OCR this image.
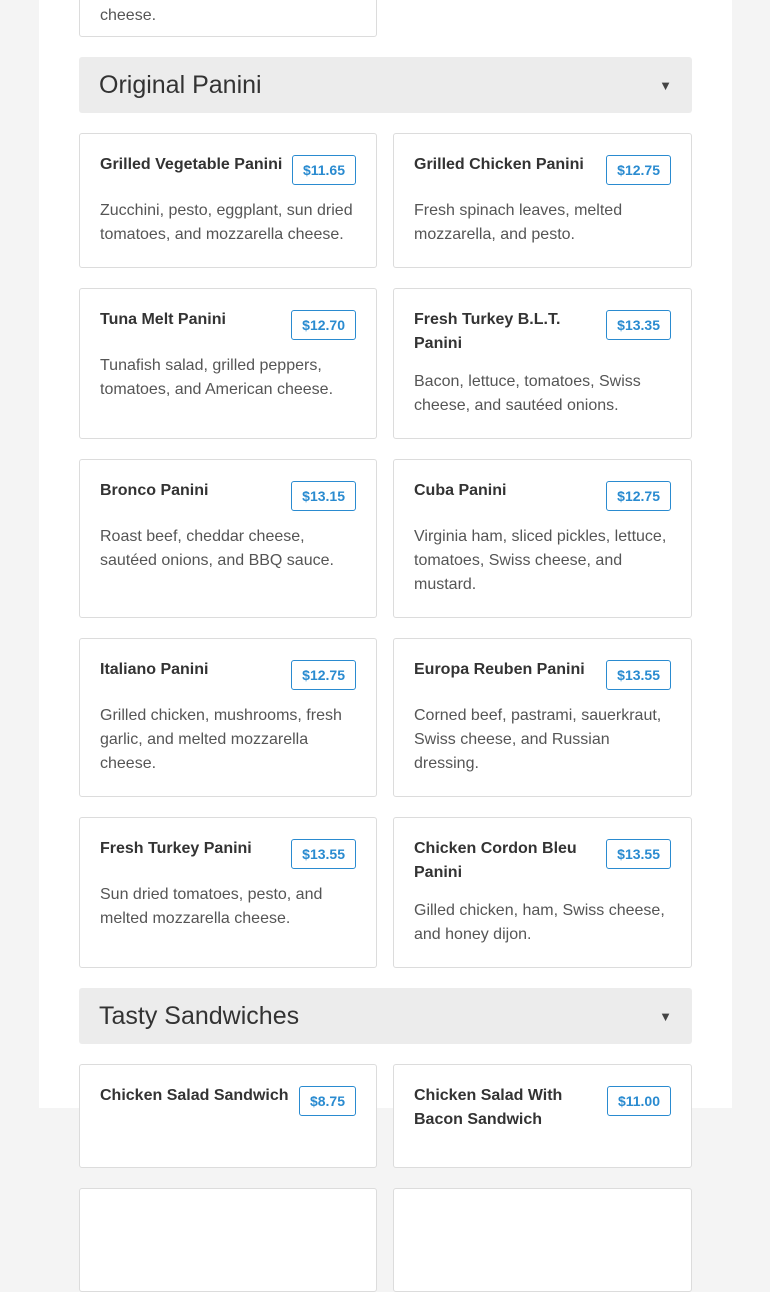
cheese.
Original Panini	▼
Grilled Vegetable Panini	$11.65
Zucchini, pesto, eggplant, sun dried tomatoes, and mozzarella cheese.
Grilled Chicken Panini	$12.75
Fresh spinach leaves, melted mozzarella, and pesto.
Tuna Melt Panini	$12.70
Tunafish salad, grilled peppers, tomatoes, and American cheese.
Fresh Turkey B.L.T. Panini
$13.35
Bacon, lettuce, tomatoes, Swiss cheese, and sautéed onions.
Bronco Panini	$13.15
Roast beef, cheddar cheese, sautéed onions, and BBQ sauce.
Cuba Panini	$12.75
Virginia ham, sliced pickles, lettuce, tomatoes, Swiss cheese, and mustard.
Italiano Panini	$12.75
Grilled chicken, mushrooms, fresh garlic, and melted mozzarella cheese.
Europa Reuben Panini	$13.55
Corned beef, pastrami, sauerkraut, Swiss cheese, and Russian dressing.
Fresh Turkey Panini	$13.55
Sun dried tomatoes, pesto, and melted mozzarella cheese.
Chicken Cordon Bleu Panini
$13.55
Gilled chicken, ham, Swiss cheese, and honey dijon.
Tasty Sandwiches	▼
Chicken Salad Sandwich	$8.75	Chicken Salad With Bacon Sandwich
$11.00
